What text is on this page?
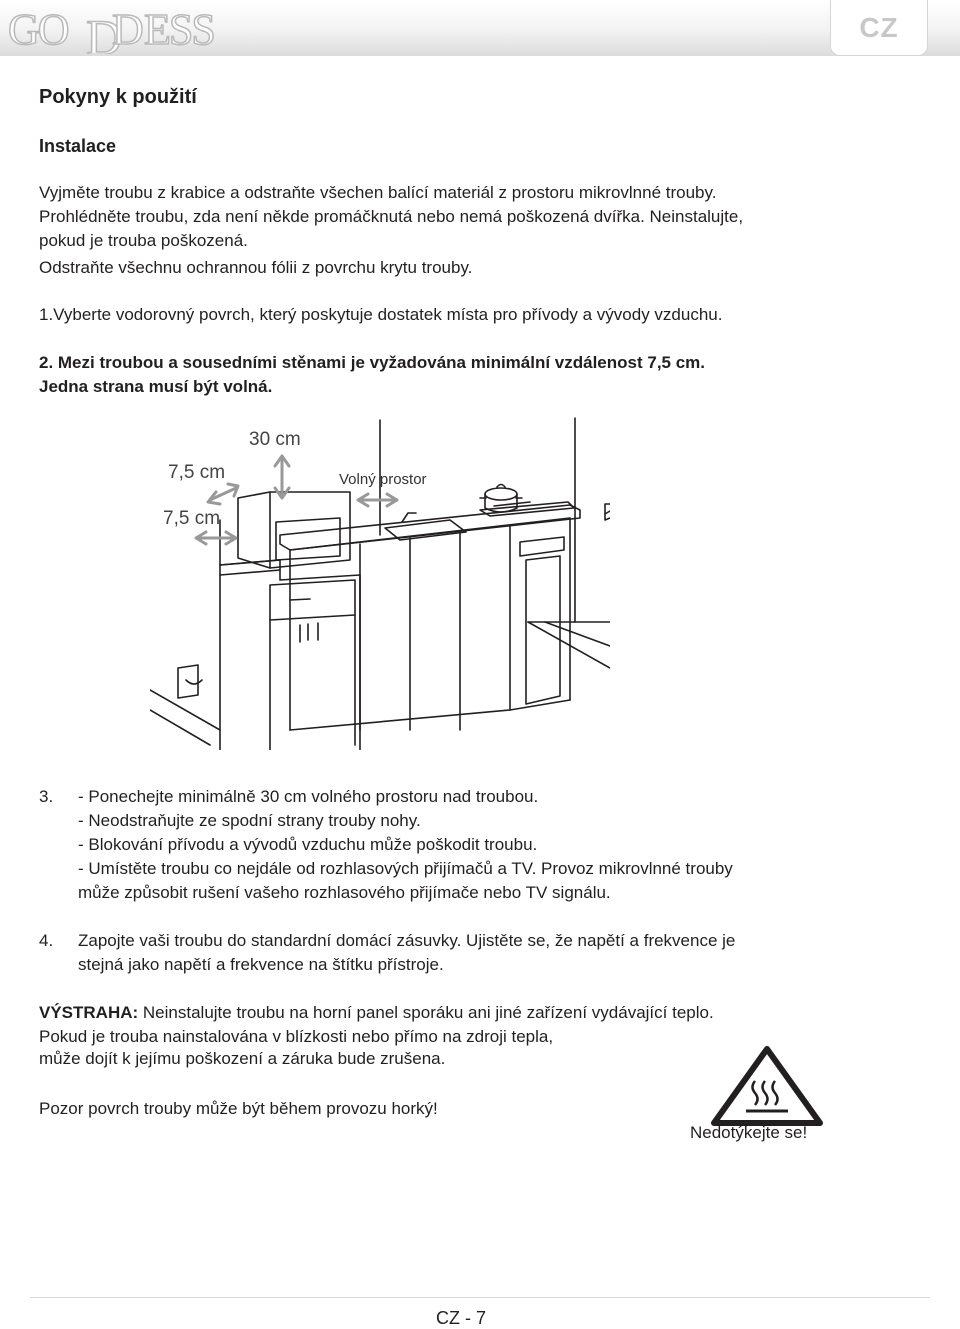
GO D
D ESS	CZ
Pokyny k použití
Instalace
Vyjměte troubu z krabice a odstraňte všechen balící materiál z prostoru mikrovlnné trouby.
Prohlédněte troubu, zda není někde promáčknutá nebo nemá poškozená dvířka. Neinstalujte,
pokud je trouba poškozená.
Odstraňte všechnu ochrannou fólii z povrchu krytu trouby.
1.Vyberte vodorovný povrch, který poskytuje dostatek místa pro přívody a vývody vzduchu.
2. Mezi troubou a sousedními stěnami je vyžadována minimální vzdálenost 7,5 cm.
Jedna strana musí být volná.
30 cm
7,5 cm
7,5 cm
Volný prostor
3. - Ponechejte minimálně 30 cm volného prostoru nad troubou.
- Neodstraňujte ze spodní strany trouby nohy.
- Blokování přívodu a vývodů vzduchu může poškodit troubu.
- Umístěte troubu co nejdále od rozhlasových přijímačů a TV. Provoz mikrovlnné trouby
může způsobit rušení vašeho rozhlasového přijímače nebo TV signálu.
4. Zapojte vaši troubu do standardní domácí zásuvky. Ujistěte se, že napětí a frekvence je
stejná jako napětí a frekvence na štítku přístroje.
VÝSTRAHA: Neinstalujte troubu na horní panel sporáku ani jiné zařízení vydávající teplo.
Pokud je trouba nainstalována v blízkosti nebo přímo na zdroji tepla,
může dojít k jejímu poškození a záruka bude zrušena.
Pozor povrch trouby může být během provozu horký!
Nedotýkejte se!
CZ - 7
